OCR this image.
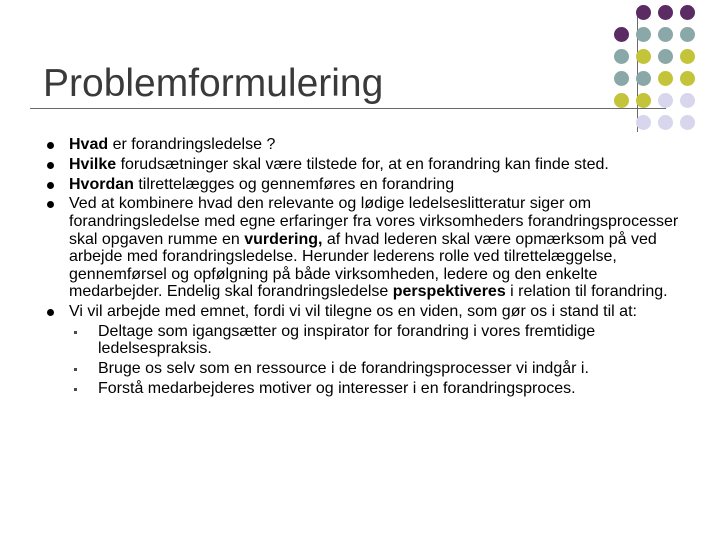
Problemformulering
Hvad er forandringsledelse ?
Hvilke forudsætninger skal være tilstede for, at en forandring kan finde sted.
Hvordan tilrettelægges og gennemføres en forandring
Ved at kombinere hvad den relevante og lødige ledelseslitteratur siger om forandringsledelse med egne erfaringer fra vores virksomheders forandringsprocesser skal opgaven rumme en vurdering, af hvad lederen skal være opmærksom på ved arbejde med forandringsledelse. Herunder lederens rolle ved tilrettelæggelse, gennemførsel og opfølgning på både virksomheden, ledere og den enkelte medarbejder. Endelig skal forandringsledelse perspektiveres i relation til forandring.
Vi vil arbejde med emnet, fordi vi vil tilegne os en viden, som gør os i stand til at:
Deltage som igangsætter og inspirator for forandring i vores fremtidige ledelsespraksis.
Bruge os selv som en ressource i de forandringsprocesser vi indgår i.
Forstå medarbejderes motiver og interesser i en forandringsproces.
